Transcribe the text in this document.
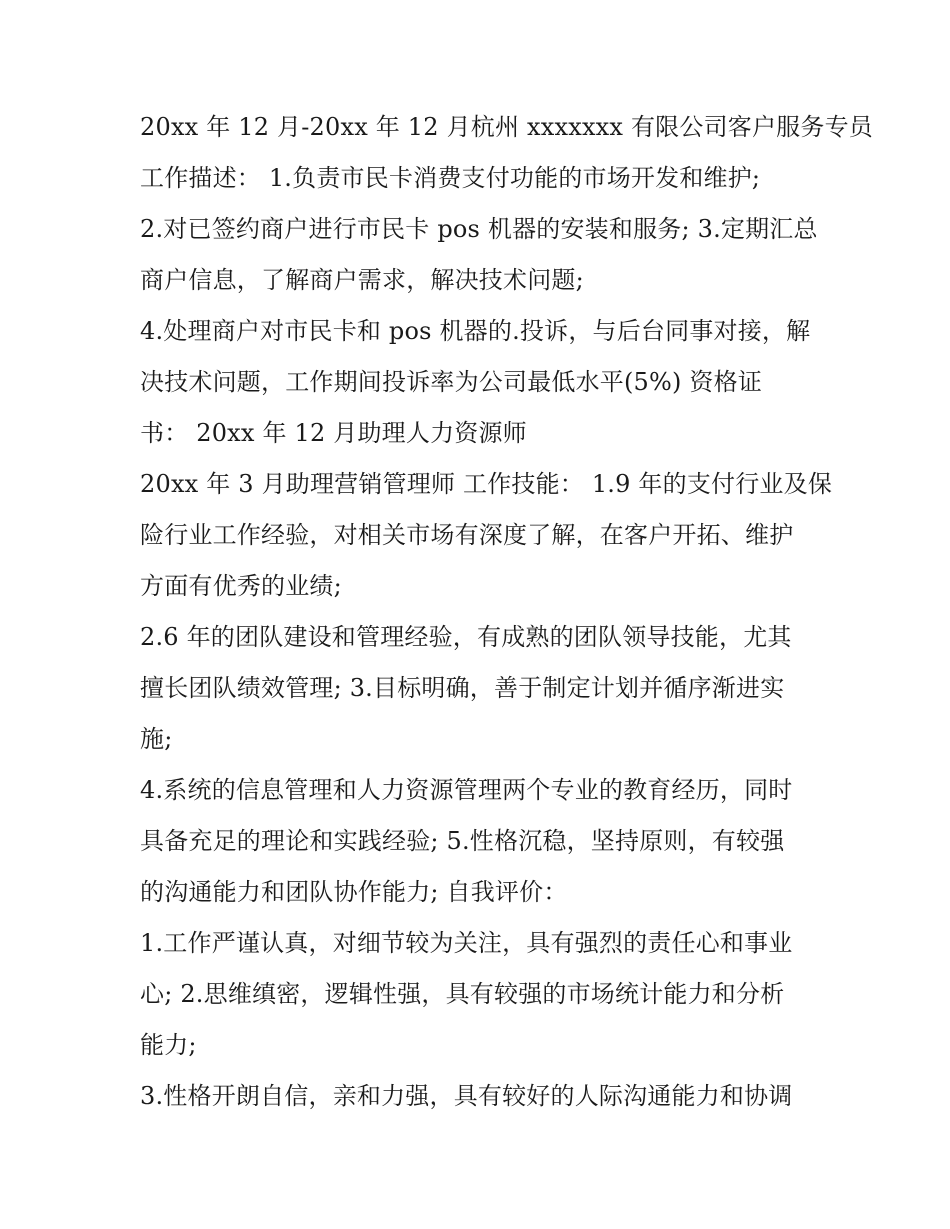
20xx 年 12 月-20xx 年 12 月杭州 xxxxxxx 有限公司客户服务专员
工作描述： 1.负责市民卡消费支付功能的市场开发和维护;
2.对已签约商户进行市民卡 pos 机器的安装和服务; 3.定期汇总
商户信息，了解商户需求，解决技术问题;
4.处理商户对市民卡和 pos 机器的.投诉，与后台同事对接，解
决技术问题，工作期间投诉率为公司最低水平(5%) 资格证
书： 20xx 年 12 月助理人力资源师
20xx 年 3 月助理营销管理师 工作技能： 1.9 年的支付行业及保
险行业工作经验，对相关市场有深度了解，在客户开拓、维护
方面有优秀的业绩;
2.6 年的团队建设和管理经验，有成熟的团队领导技能，尤其
擅长团队绩效管理; 3.目标明确，善于制定计划并循序渐进实
施;
4.系统的信息管理和人力资源管理两个专业的教育经历，同时
具备充足的理论和实践经验; 5.性格沉稳，坚持原则，有较强
的沟通能力和团队协作能力; 自我评价：
1.工作严谨认真，对细节较为关注，具有强烈的责任心和事业
心; 2.思维缜密，逻辑性强，具有较强的市场统计能力和分析
能力;
3.性格开朗自信，亲和力强，具有较好的人际沟通能力和协调
